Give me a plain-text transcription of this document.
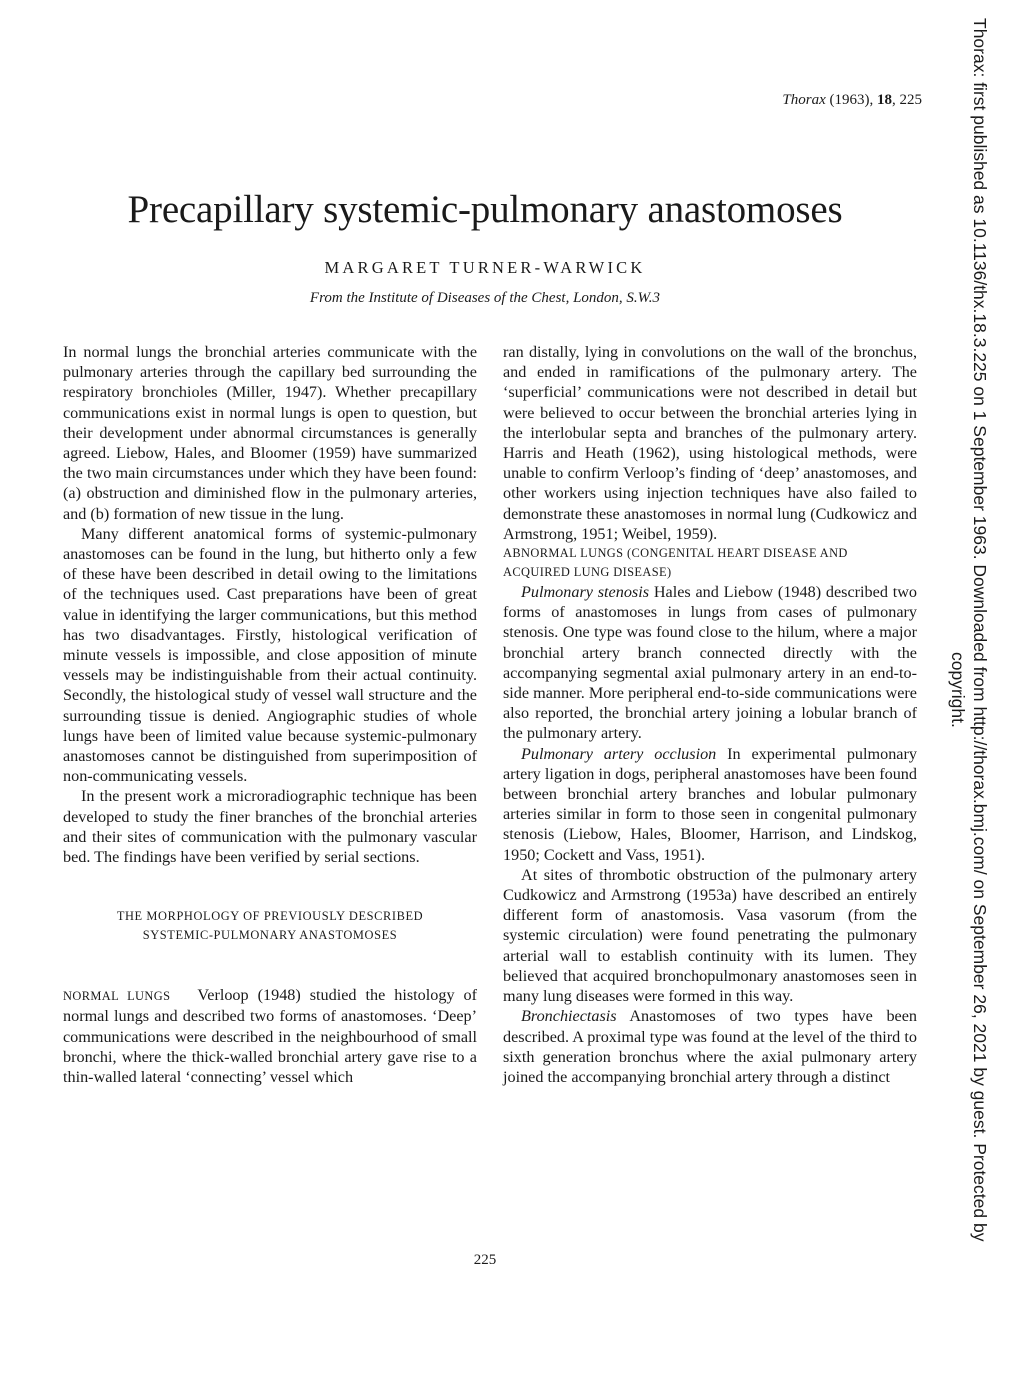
Thorax (1963), 18, 225
Precapillary systemic-pulmonary anastomoses
MARGARET TURNER-WARWICK
From the Institute of Diseases of the Chest, London, S.W.3

In normal lungs the bronchial arteries communicate with the pulmonary arteries through the capillary bed surrounding the respiratory bronchioles (Miller, 1947). Whether precapillary communications exist in normal lungs is open to question, but their development under abnormal circumstances is generally agreed. Liebow, Hales, and Bloomer (1959) have summarized the two main circumstances under which they have been found: (a) obstruction and diminished flow in the pulmonary arteries, and (b) formation of new tissue in the lung.

Many different anatomical forms of systemic-pulmonary anastomoses can be found in the lung, but hitherto only a few of these have been described in detail owing to the limitations of the techniques used. Cast preparations have been of great value in identifying the larger communications, but this method has two disadvantages. Firstly, histological verification of minute vessels is impossible, and close apposition of minute vessels may be indistinguishable from their actual continuity. Secondly, the histological study of vessel wall structure and the surrounding tissue is denied. Angiographic studies of whole lungs have been of limited value because systemic-pulmonary anastomoses cannot be distinguished from superimposition of non-communicating vessels.

In the present work a microradiographic technique has been developed to study the finer branches of the bronchial arteries and their sites of communication with the pulmonary vascular bed. The findings have been verified by serial sections.

THE MORPHOLOGY OF PREVIOUSLY DESCRIBED

SYSTEMIC-PULMONARY ANASTOMOSES

NORMAL LUNGS Verloop (1948) studied the histology of normal lungs and described two forms of anastomoses. ‘Deep’ communications were described in the neighbourhood of small bronchi, where the thick-walled bronchial artery gave rise to a thin-walled lateral ‘connecting’ vessel which

ran distally, lying in convolutions on the wall of the bronchus, and ended in ramifications of the pulmonary artery. The ‘superficial’ communications were not described in detail but were believed to occur between the bronchial arteries lying in the interlobular septa and branches of the pulmonary artery. Harris and Heath (1962), using histological methods, were unable to confirm Verloop’s finding of ‘deep’ anastomoses, and other workers using injection techniques have also failed to demonstrate these anastomoses in normal lung (Cudkowicz and Armstrong, 1951; Weibel, 1959).

ABNORMAL LUNGS (CONGENITAL HEART DISEASE AND ACQUIRED LUNG DISEASE)

Pulmonary stenosis Hales and Liebow (1948) described two forms of anastomoses in lungs from cases of pulmonary stenosis. One type was found close to the hilum, where a major bronchial artery branch connected directly with the accompanying segmental axial pulmonary artery in an end-to-side manner. More peripheral end-to-side communications were also reported, the bronchial artery joining a lobular branch of the pulmonary artery.

Pulmonary artery occlusion In experimental pulmonary artery ligation in dogs, peripheral anastomoses have been found between bronchial artery branches and lobular pulmonary arteries similar in form to those seen in congenital pulmonary stenosis (Liebow, Hales, Bloomer, Harrison, and Lindskog, 1950; Cockett and Vass, 1951).

At sites of thrombotic obstruction of the pulmonary artery Cudkowicz and Armstrong (1953a) have described an entirely different form of anastomosis. Vasa vasorum (from the systemic circulation) were found penetrating the pulmonary arterial wall to establish continuity with its lumen. They believed that acquired bronchopulmonary anastomoses seen in many lung diseases were formed in this way.

Bronchiectasis Anastomoses of two types have been described. A proximal type was found at the level of the third to sixth generation bronchus where the axial pulmonary artery joined the accompanying bronchial artery through a distinct

225
Thorax: first published as 10.1136/thx.18.3.225 on 1 September 1963. Downloaded from http://thorax.bmj.com/ on September 26, 2021 by guest. Protected by
copyright.
